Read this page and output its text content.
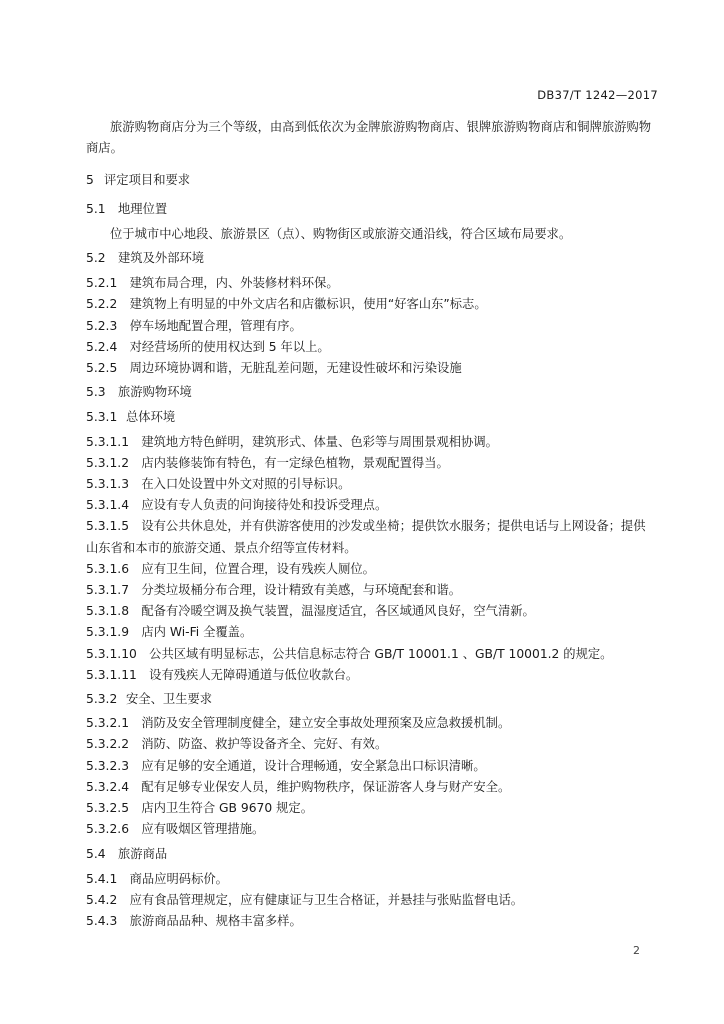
DB37/T 1242—2017
旅游购物商店分为三个等级，由高到低依次为金牌旅游购物商店、银牌旅游购物商店和铜牌旅游购物商店。
5 评定项目和要求
5.1 地理位置
位于城市中心地段、旅游景区（点）、购物街区或旅游交通沿线，符合区域布局要求。
5.2 建筑及外部环境
5.2.1  建筑布局合理，内、外装修材料环保。
5.2.2  建筑物上有明显的中外文店名和店徽标识，使用“好客山东”标志。
5.2.3  停车场地配置合理，管理有序。
5.2.4  对经营场所的使用权达到 5 年以上。
5.2.5  周边环境协调和谐，无脏乱差问题，无建设性破坏和污染设施
5.3 旅游购物环境
5.3.1 总体环境
5.3.1.1  建筑地方特色鲜明，建筑形式、体量、色彩等与周围景观相协调。
5.3.1.2  店内装修装饰有特色，有一定绿色植物，景观配置得当。
5.3.1.3  在入口处设置中外文对照的引导标识。
5.3.1.4  应设有专人负责的问询接待处和投诉受理点。
5.3.1.5  设有公共休息处，并有供游客使用的沙发或坐椅；提供饮水服务；提供电话与上网设备；提供山东省和本市的旅游交通、景点介绍等宣传材料。
5.3.1.6  应有卫生间，位置合理，设有残疾人厕位。
5.3.1.7  分类垃圾桶分布合理，设计精致有美感，与环境配套和谐。
5.3.1.8  配备有冷暖空调及换气装置，温湿度适宜，各区域通风良好，空气清新。
5.3.1.9  店内 Wi-Fi 全覆盖。
5.3.1.10  公共区域有明显标志，公共信息标志符合 GB/T 10001.1 、GB/T 10001.2 的规定。
5.3.1.11  设有残疾人无障碍通道与低位收款台。
5.3.2 安全、卫生要求
5.3.2.1  消防及安全管理制度健全，建立安全事故处理预案及应急救援机制。
5.3.2.2  消防、防盗、救护等设备齐全、完好、有效。
5.3.2.3  应有足够的安全通道，设计合理畅通，安全紧急出口标识清晰。
5.3.2.4  配有足够专业保安人员，维护购物秩序，保证游客人身与财产安全。
5.3.2.5  店内卫生符合 GB 9670 规定。
5.3.2.6  应有吸烟区管理措施。
5.4 旅游商品
5.4.1  商品应明码标价。
5.4.2  应有食品管理规定，应有健康证与卫生合格证，并悬挂与张贴监督电话。
5.4.3  旅游商品品种、规格丰富多样。
2
